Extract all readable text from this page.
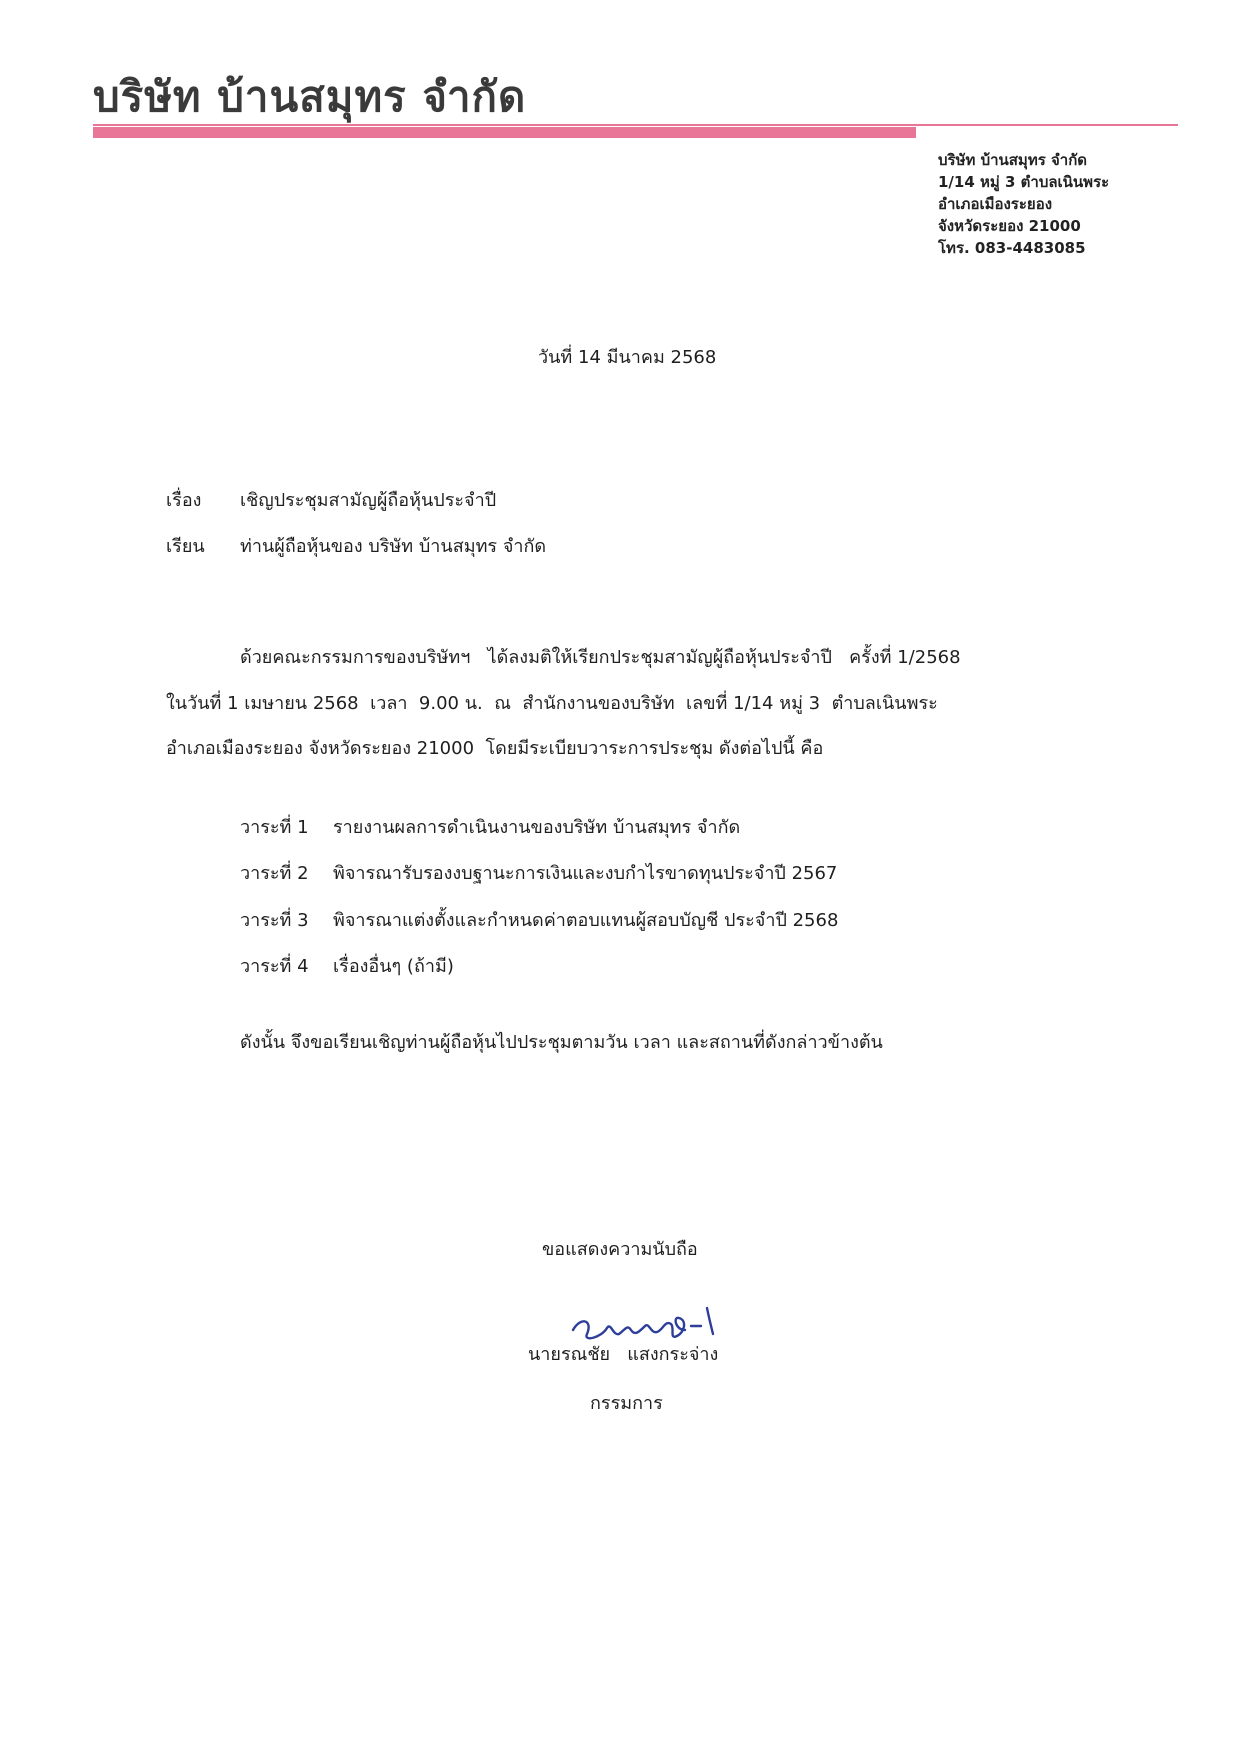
บริษัท บ้านสมุทร จำกัด
บริษัท บ้านสมุทร จำกัด
1/14 หมู่ 3 ตำบลเนินพระ
อำเภอเมืองระยอง
จังหวัดระยอง 21000
โทร. 083-4483085
วันที่ 14 มีนาคม 2568
เรื่อง เชิญประชุมสามัญผู้ถือหุ้นประจำปี
เรียน ท่านผู้ถือหุ้นของ บริษัท บ้านสมุทร จำกัด
ด้วยคณะกรรมการของบริษัทฯ   ได้ลงมติให้เรียกประชุมสามัญผู้ถือหุ้นประจำปี   ครั้งที่ 1/2568
ในวันที่ 1 เมษายน 2568  เวลา  9.00 น.  ณ  สำนักงานของบริษัท  เลขที่ 1/14 หมู่ 3  ตำบลเนินพระ
อำเภอเมืองระยอง จังหวัดระยอง 21000  โดยมีระเบียบวาระการประชุม ดังต่อไปนี้ คือ
วาระที่ 1 รายงานผลการดำเนินงานของบริษัท บ้านสมุทร จำกัด
วาระที่ 2 พิจารณารับรองงบฐานะการเงินและงบกำไรขาดทุนประจำปี 2567
วาระที่ 3 พิจารณาแต่งตั้งและกำหนดค่าตอบแทนผู้สอบบัญชี ประจำปี 2568
วาระที่ 4 เรื่องอื่นๆ (ถ้ามี)
ดังนั้น จึงขอเรียนเชิญท่านผู้ถือหุ้นไปประชุมตามวัน เวลา และสถานที่ดังกล่าวข้างต้น
ขอแสดงความนับถือ
นายรณชัย   แสงกระจ่าง
กรรมการ
